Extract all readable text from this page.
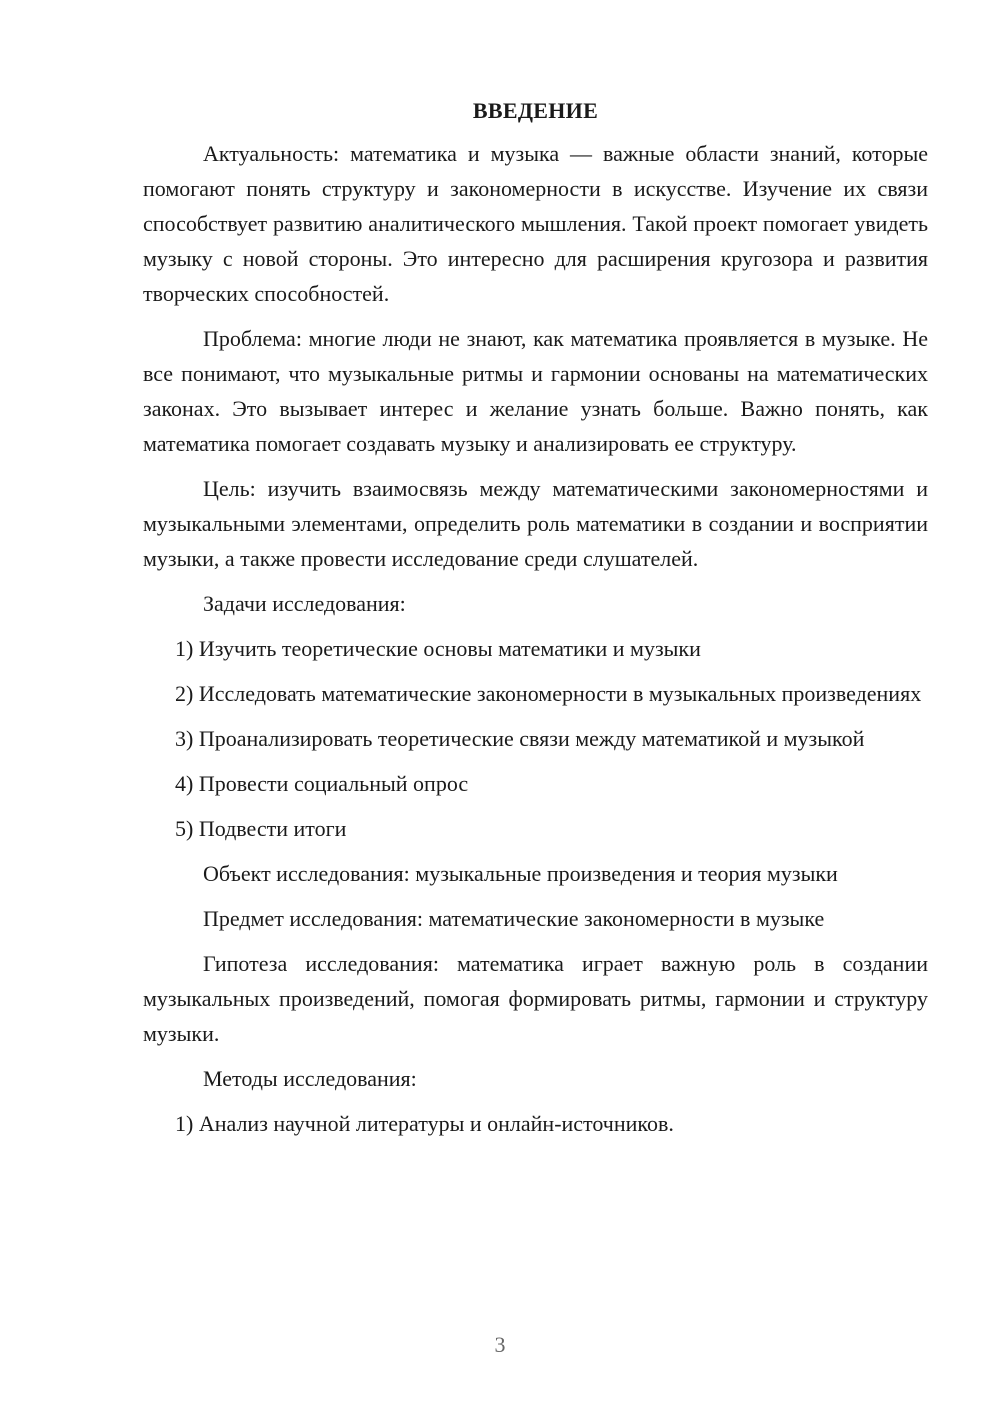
ВВЕДЕНИЕ

Актуальность: математика и музыка — важные области знаний, которые помогают понять структуру и закономерности в искусстве. Изучение их связи способствует развитию аналитического мышления. Такой проект помогает увидеть музыку с новой стороны. Это интересно для расширения кругозора и развития творческих способностей.

Проблема: многие люди не знают, как математика проявляется в музыке. Не все понимают, что музыкальные ритмы и гармонии основаны на математических законах. Это вызывает интерес и желание узнать больше. Важно понять, как математика помогает создавать музыку и анализировать ее структуру.

Цель: изучить взаимосвязь между математическими закономерностями и музыкальными элементами, определить роль математики в создании и восприятии музыки, а также провести исследование среди слушателей.

Задачи исследования:

1) Изучить теоретические основы математики и музыки

2) Исследовать математические закономерности в музыкальных произведениях

3) Проанализировать теоретические связи между математикой и музыкой

4) Провести социальный опрос

5) Подвести итоги

Объект исследования: музыкальные произведения и теория музыки

Предмет исследования: математические закономерности в музыке

Гипотеза исследования: математика играет важную роль в создании музыкальных произведений, помогая формировать ритмы, гармонии и структуру музыки.

Методы исследования:

1) Анализ научной литературы и онлайн-источников.

3
